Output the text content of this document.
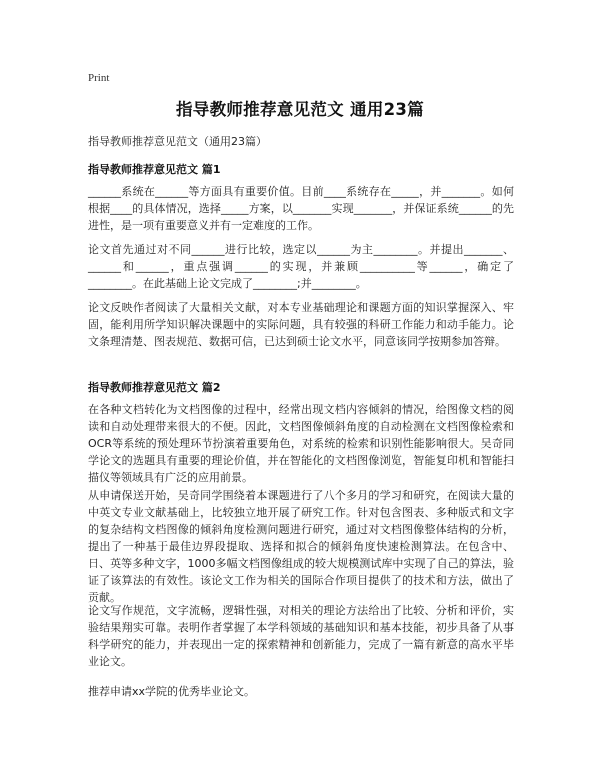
Print
指导教师推荐意见范文 通用23篇
指导教师推荐意见范文（通用23篇）
指导教师推荐意见范文 篇1

______系统在______等方面具有重要价值。目前____系统存在_____，并_______。如何根据____的具体情况，选择_____方案，以_______实现_______，并保证系统______的先进性，是一项有重要意义并有一定难度的工作。

论文首先通过对不同______进行比较，选定以______为主________。并提出_______、______和______，重点强调______的实现，并兼顾__________等______，确定了________。在此基础上论文完成了________;并________。

论文反映作者阅读了大量相关文献，对本专业基础理论和课题方面的知识掌握深入、牢固，能利用所学知识解决课题中的实际问题，具有较强的科研工作能力和动手能力。论文条理清楚、图表规范、数据可信，已达到硕士论文水平，同意该同学按期参加答辩。

指导教师推荐意见范文 篇2

在各种文档转化为文档图像的过程中，经常出现文档内容倾斜的情况，给图像文档的阅读和自动处理带来很大的不便。因此，文档图像倾斜角度的自动检测在文档图像检索和OCR等系统的预处理环节扮演着重要角色，对系统的检索和识别性能影响很大。吴奇同学论文的选题具有重要的理论价值，并在智能化的文档图像浏览，智能复印机和智能扫描仪等领域具有广泛的应用前景。

从申请保送开始，吴奇同学围绕着本课题进行了八个多月的学习和研究，在阅读大量的中英文专业文献基础上，比较独立地开展了研究工作。针对包含图表、多种版式和文字的复杂结构文档图像的倾斜角度检测问题进行研究，通过对文档图像整体结构的分析，提出了一种基于最佳边界段提取、选择和拟合的倾斜角度快速检测算法。在包含中、日、英等多种文字，1000多幅文档图像组成的较大规模测试库中实现了自己的算法，验证了该算法的有效性。该论文工作为相关的国际合作项目提供了的技术和方法，做出了贡献。

论文写作规范，文字流畅，逻辑性强，对相关的理论方法给出了比较、分析和评价，实验结果翔实可靠。表明作者掌握了本学科领域的基础知识和基本技能，初步具备了从事科学研究的能力，并表现出一定的探索精神和创新能力，完成了一篇有新意的高水平毕业论文。

推荐申请xx学院的优秀毕业论文。
